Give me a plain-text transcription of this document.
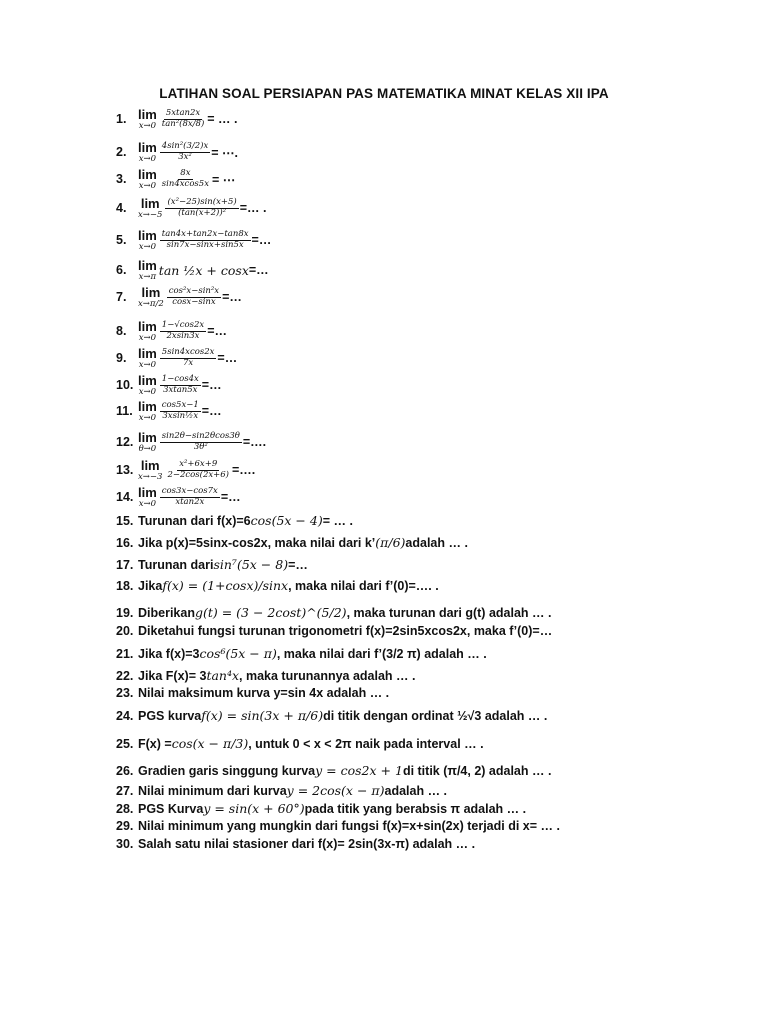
LATIHAN SOAL PERSIAPAN PAS MATEMATIKA MINAT KELAS XII IPA
1. lim
$x\to 0 \frac{5xtan2x}{\text{tan²(8x/8)}}$ = … .
2. lim
$x\to 0 \frac{\text{4sin²(3/2)x}}{\text{3x²}}$ = ⋯.
3. lim
$x\to 0 \frac{8x}{\sin 4xcos5x}$ = ⋯
4.	lim
$x\to-5 \frac{\text{(x²−25)sin(x+5)}}{\text{(tan(x+2))²}}$ =… .
5. lim
$x\to 0 \frac{\tan 4x+\tan 2x-\tan 8x}{\sin 7x-\sin x+\sin 5x}$ =…
6. lim
x→π tan ½x + cosx =…
7.	lim
$x\to\pi/2 \frac{\text{cos²x−sin²x}}{\cos x-\sin x}$ =…
8. lim
$x\to 0 \frac{1-√\cos 2x}{2xsin3x}$ =…
9. lim
$x\to 0 \frac{5\sin 4xcos2x}{7x}$ =…
10. lim
$x\to 0 \frac{1-\cos 4x}{3xtan5x}$ =…
11. lim
$x\to 0 \frac{\cos 5x-1}{\text{3xsin½x}}$ =…
12. lim
$\theta\to 0 \frac{\sin 2\theta-\sin 2\theta\cos 3\theta}{\text{3θ²}}$ =….
13. lim
$x\to-3 \frac{\text{x²+6x+9}}{2-2\cos(2x+6)}$ =….
14. lim
$x\to 0 \frac{\cos 3x-\cos 7x}{xtan2x}$ =…
15. Turunan dari f(x)=6 cos(5x − 4) = … .
16. Jika p(x)=5sinx-cos2x, maka nilai dari k’ (π/6) adalah … .
17. Turunan dari sin⁷(5x − 8) =…
18. Jika f(x) = (1+cosx)/sinx , maka nilai dari f’(0)=…. .
19. Diberikan g(t) = (3 − 2cost)^(5/2) , maka turunan dari g(t) adalah … .
20. Diketahui fungsi turunan trigonometri f(x)=2sin5xcos2x, maka f’(0)=…
21. Jika f(x)=3 cos⁶(5x − π) , maka nilai dari f’(3/2 π) adalah … .
22. Jika F(x)= 3 tan⁴x , maka turunannya adalah … .
23. Nilai maksimum kurva y=sin 4x adalah … .
24. PGS kurva f(x) = sin(3x + π/6) di titik dengan ordinat ½√3 adalah … .
25. F(x) = cos(x − π/3) , untuk 0 < x < 2π naik pada interval … .
26. Gradien garis singgung kurva y = cos2x + 1 di titik (π/4, 2) adalah … .
27. Nilai minimum dari kurva y = 2cos(x − π) adalah … .
28. PGS Kurva y = sin(x + 60°) pada titik yang berabsis π adalah … .
29. Nilai minimum yang mungkin dari fungsi f(x)=x+sin(2x) terjadi di x= … .
30. Salah satu nilai stasioner dari f(x)= 2sin(3x-π) adalah … .
